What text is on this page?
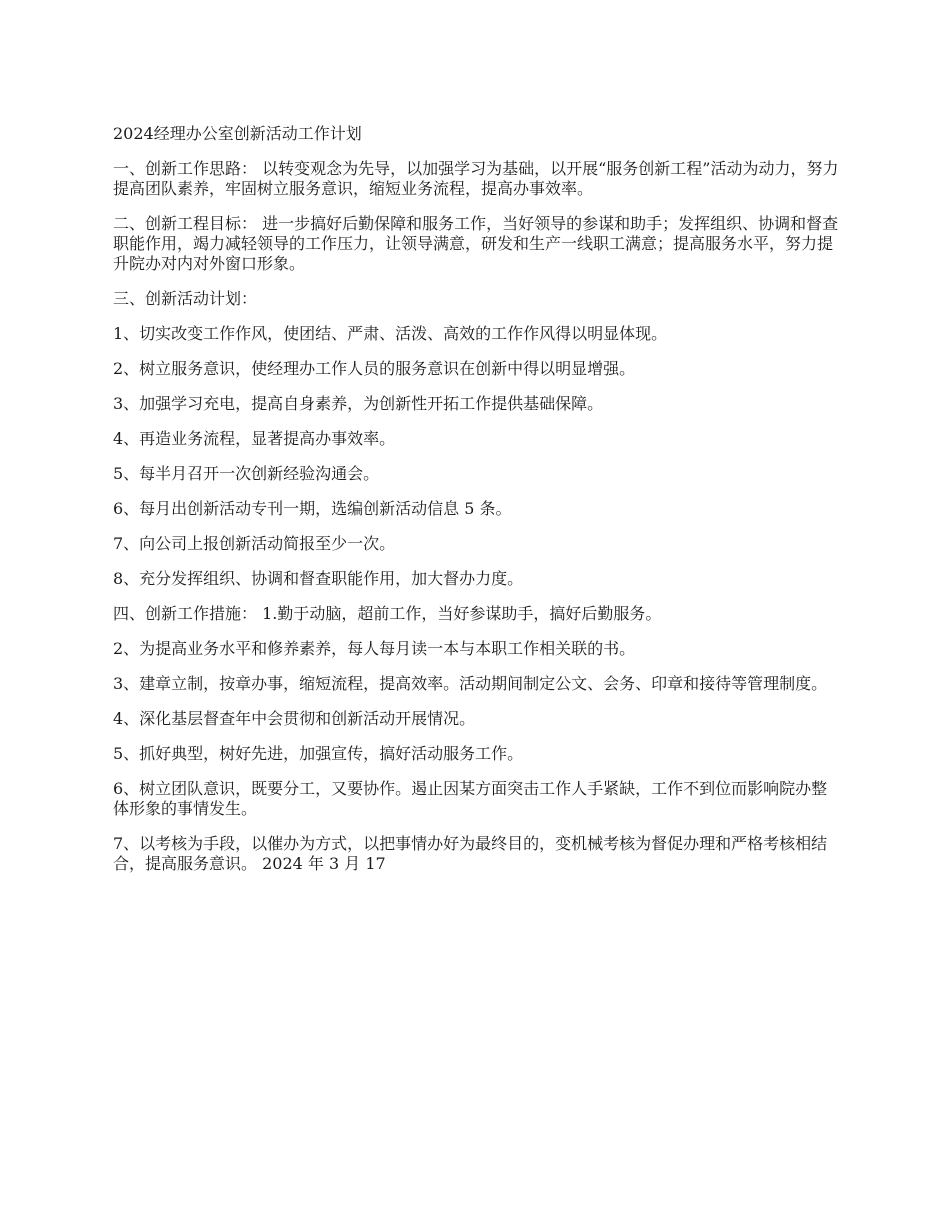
2024经理办公室创新活动工作计划

一、创新工作思路： 以转变观念为先导，以加强学习为基础，以开展“服务创新工程”活动为动力，努力提高团队素养，牢固树立服务意识，缩短业务流程，提高办事效率。

二、创新工程目标： 进一步搞好后勤保障和服务工作，当好领导的参谋和助手；发挥组织、协调和督查职能作用，竭力减轻领导的工作压力，让领导满意，研发和生产一线职工满意；提高服务水平，努力提升院办对内对外窗口形象。

三、创新活动计划：

1、切实改变工作作风，使团结、严肃、活泼、高效的工作作风得以明显体现。

2、树立服务意识，使经理办工作人员的服务意识在创新中得以明显增强。

3、加强学习充电，提高自身素养，为创新性开拓工作提供基础保障。

4、再造业务流程，显著提高办事效率。

5、每半月召开一次创新经验沟通会。

6、每月出创新活动专刊一期，选编创新活动信息 5 条。

7、向公司上报创新活动简报至少一次。

8、充分发挥组织、协调和督查职能作用，加大督办力度。

四、创新工作措施： 1.勤于动脑，超前工作，当好参谋助手，搞好后勤服务。

2、为提高业务水平和修养素养，每人每月读一本与本职工作相关联的书。

3、建章立制，按章办事，缩短流程，提高效率。活动期间制定公文、会务、印章和接待等管理制度。

4、深化基层督查年中会贯彻和创新活动开展情况。

5、抓好典型，树好先进，加强宣传，搞好活动服务工作。

6、树立团队意识，既要分工，又要协作。遏止因某方面突击工作人手紧缺，工作不到位而影响院办整体形象的事情发生。

7、以考核为手段，以催办为方式，以把事情办好为最终目的，变机械考核为督促办理和严格考核相结合，提高服务意识。 2024 年 3 月 17
